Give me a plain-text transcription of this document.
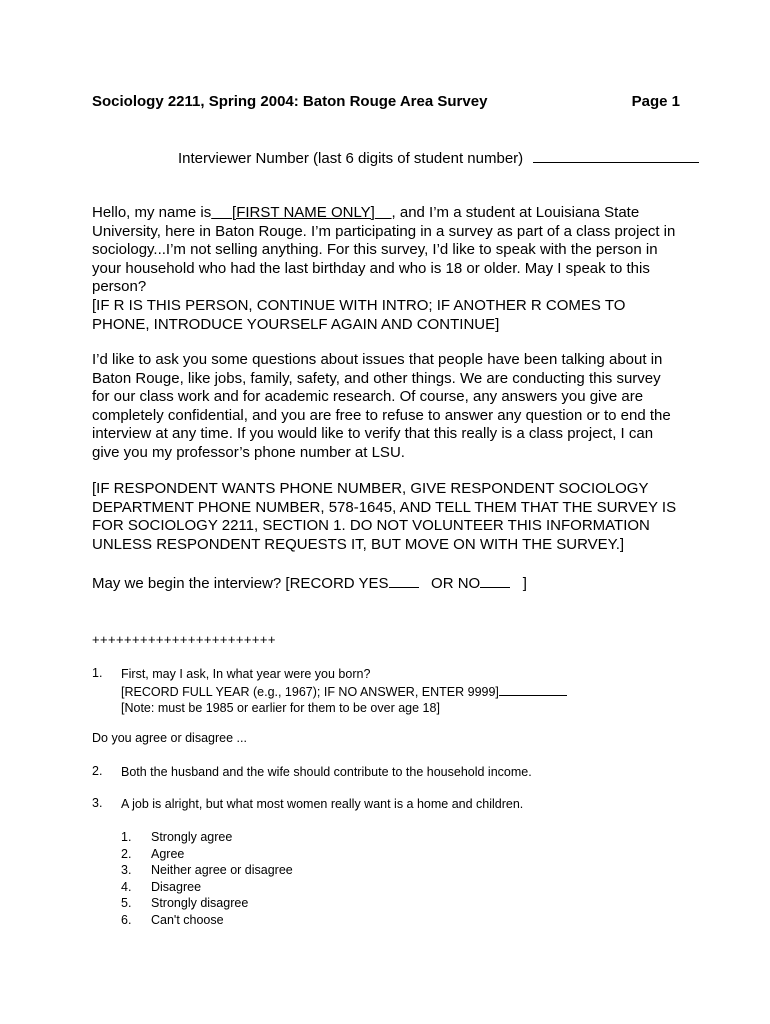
Sociology 2211, Spring 2004: Baton Rouge Area Survey	Page 1
Interviewer Number (last 6 digits of student number)
Hello, my name is [FIRST NAME ONLY] , and I’m a student at Louisiana State University, here in Baton Rouge. I’m participating in a survey as part of a class project in sociology...I’m not selling anything. For this survey, I’d like to speak with the person in your household who had the last birthday and who is 18 or older. May I speak to this person?
[IF R IS THIS PERSON, CONTINUE WITH INTRO; IF ANOTHER R COMES TO PHONE, INTRODUCE YOURSELF AGAIN AND CONTINUE]
I’d like to ask you some questions about issues that people have been talking about in Baton Rouge, like jobs, family, safety, and other things. We are conducting this survey for our class work and for academic research. Of course, any answers you give are completely confidential, and you are free to refuse to answer any question or to end the interview at any time. If you would like to verify that this really is a class project, I can give you my professor’s phone number at LSU.
[IF RESPONDENT WANTS PHONE NUMBER, GIVE RESPONDENT SOCIOLOGY DEPARTMENT PHONE NUMBER, 578-1645, AND TELL THEM THAT THE SURVEY IS FOR SOCIOLOGY 2211, SECTION 1. DO NOT VOLUNTEER THIS INFORMATION UNLESS RESPONDENT REQUESTS IT, BUT MOVE ON WITH THE SURVEY.]
May we begin the interview? [RECORD YES	OR NO	]
+++++++++++++++++++++++
1. First, may I ask, In what year were you born?
[RECORD FULL YEAR (e.g., 1967); IF NO ANSWER, ENTER 9999]
[Note: must be 1985 or earlier for them to be over age 18]
Do you agree or disagree ...
2. Both the husband and the wife should contribute to the household income.
3. A job is alright, but what most women really want is a home and children.
1. Strongly agree
2. Agree
3. Neither agree or disagree
4. Disagree
5. Strongly disagree
6. Can't choose
